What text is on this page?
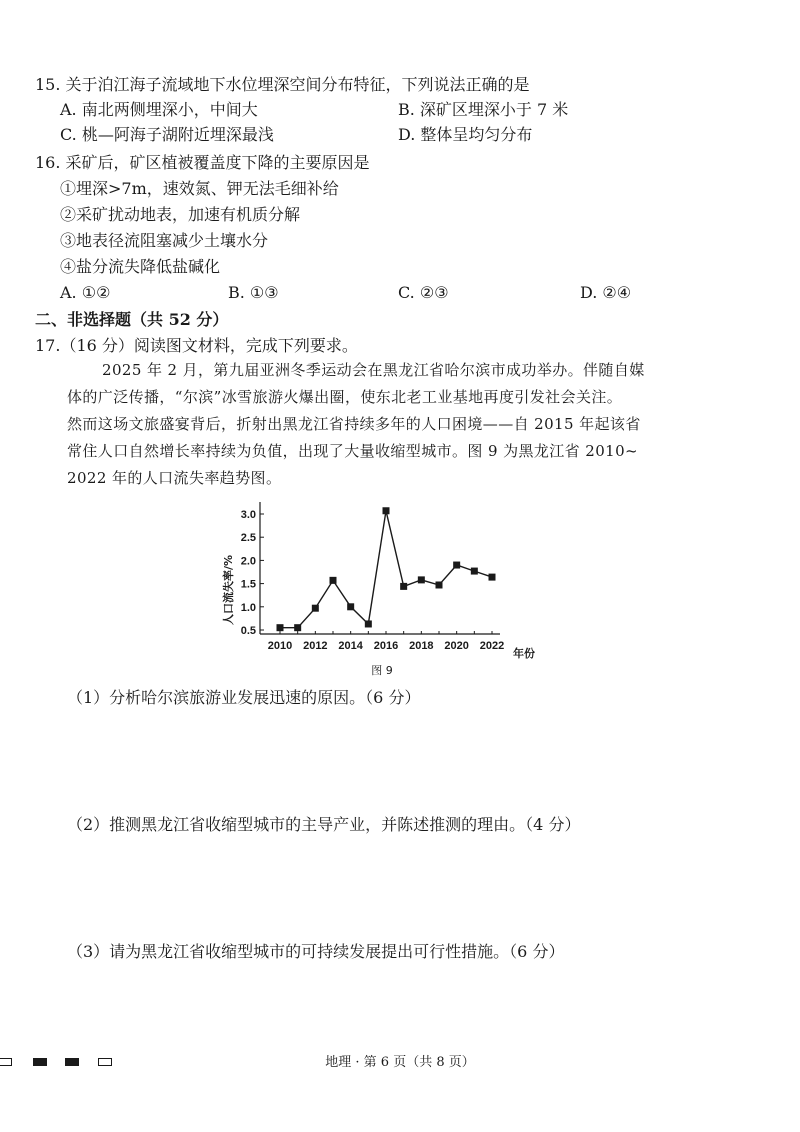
15. 关于泊江海子流域地下水位埋深空间分布特征，下列说法正确的是
A. 南北两侧埋深小，中间大	B. 深矿区埋深小于 7 米
C. 桃—阿海子湖附近埋深最浅	D. 整体呈均匀分布
16. 采矿后，矿区植被覆盖度下降的主要原因是
①埋深>7m，速效氮、钾无法毛细补给
②采矿扰动地表，加速有机质分解
③地表径流阻塞减少土壤水分
④盐分流失降低盐碱化
A. ①②	B. ①③	C. ②③	D. ②④
二、非选择题（共 52 分）
17.（16 分）阅读图文材料，完成下列要求。
2025 年 2 月，第九届亚洲冬季运动会在黑龙江省哈尔滨市成功举办。伴随自媒
体的广泛传播，“尔滨”冰雪旅游火爆出圈，使东北老工业基地再度引发社会关注。
然而这场文旅盛宴背后，折射出黑龙江省持续多年的人口困境——自 2015 年起该省
常住人口自然增长率持续为负值，出现了大量收缩型城市。图 9 为黑龙江省 2010~
2022 年的人口流失率趋势图。
0.5
1.0
1.5
2.0
2.5
3.0
2010 2012 2014 2016 2018 2020 2022
人口流失率/%
年份
图 9
（1）分析哈尔滨旅游业发展迅速的原因。（6 分）
（2）推测黑龙江省收缩型城市的主导产业，并陈述推测的理由。（4 分）
（3）请为黑龙江省收缩型城市的可持续发展提出可行性措施。（6 分）
地理 · 第 6 页（共 8 页）
